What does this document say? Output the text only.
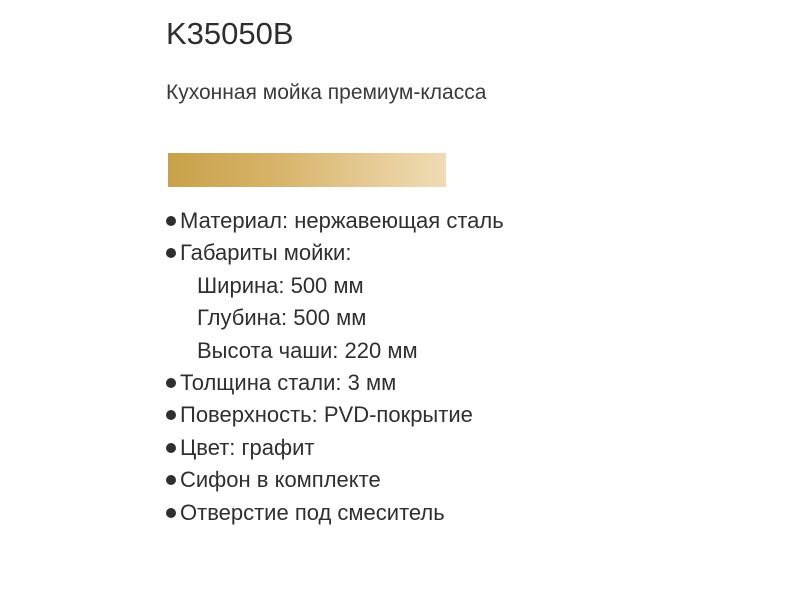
K35050B
Кухонная мойка премиум-класса
Материал: нержавеющая сталь
Габариты мойки:
Ширина: 500 мм
Глубина: 500 мм
Высота чаши: 220 мм
Толщина стали: 3 мм
Поверхность: PVD-покрытие
Цвет: графит
Сифон в комплекте
Отверстие под смеситель
